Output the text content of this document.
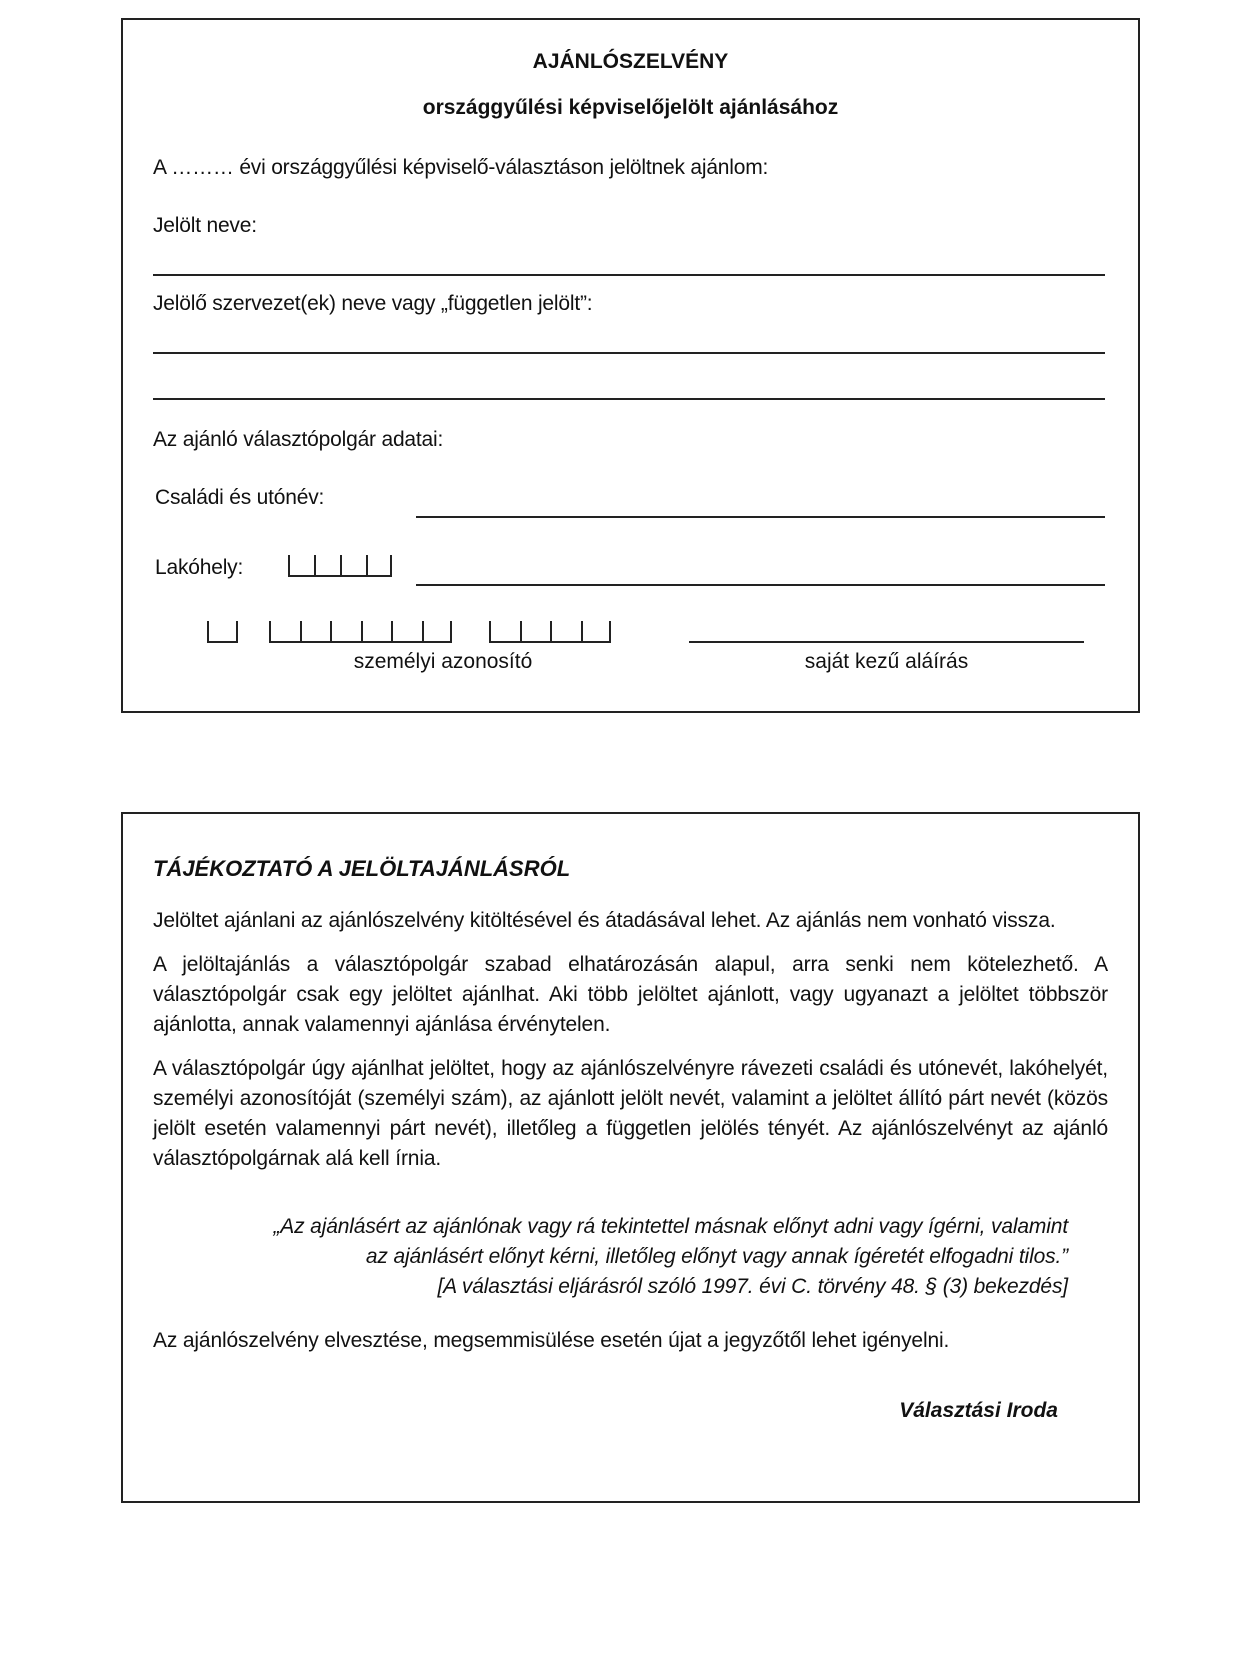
AJÁNLÓSZELVÉNY
országgyűlési képviselőjelölt ajánlásához
A ……… évi országgyűlési képviselő-választáson jelöltnek ajánlom:
Jelölt neve:
Jelölő szervezet(ek) neve vagy „független jelölt”:
Az ajánló választópolgár adatai:
Családi és utónév:
Lakóhely:
személyi azonosító	saját kezű aláírás
TÁJÉKOZTATÓ A JELÖLTAJÁNLÁSRÓL
Jelöltet ajánlani az ajánlószelvény kitöltésével és átadásával lehet. Az ajánlás nem vonható vissza.
A jelöltajánlás a választópolgár szabad elhatározásán alapul, arra senki nem kötelezhető. A választópolgár csak egy jelöltet ajánlhat. Aki több jelöltet ajánlott, vagy ugyanazt a jelöltet többször ajánlotta, annak valamennyi ajánlása érvénytelen.
A választópolgár úgy ajánlhat jelöltet, hogy az ajánlószelvényre rávezeti családi és utónevét, lakóhelyét, személyi azonosítóját (személyi szám), az ajánlott jelölt nevét, valamint a jelöltet állító párt nevét (közös jelölt esetén valamennyi párt nevét), illetőleg a független jelölés tényét. Az ajánlószelvényt az ajánló választópolgárnak alá kell írnia.
„Az ajánlásért az ajánlónak vagy rá tekintettel másnak előnyt adni vagy ígérni, valamint
az ajánlásért előnyt kérni, illetőleg előnyt vagy annak ígéretét elfogadni tilos.”
[A választási eljárásról szóló 1997. évi C. törvény 48. § (3) bekezdés]
Az ajánlószelvény elvesztése, megsemmisülése esetén újat a jegyzőtől lehet igényelni.
Választási Iroda
